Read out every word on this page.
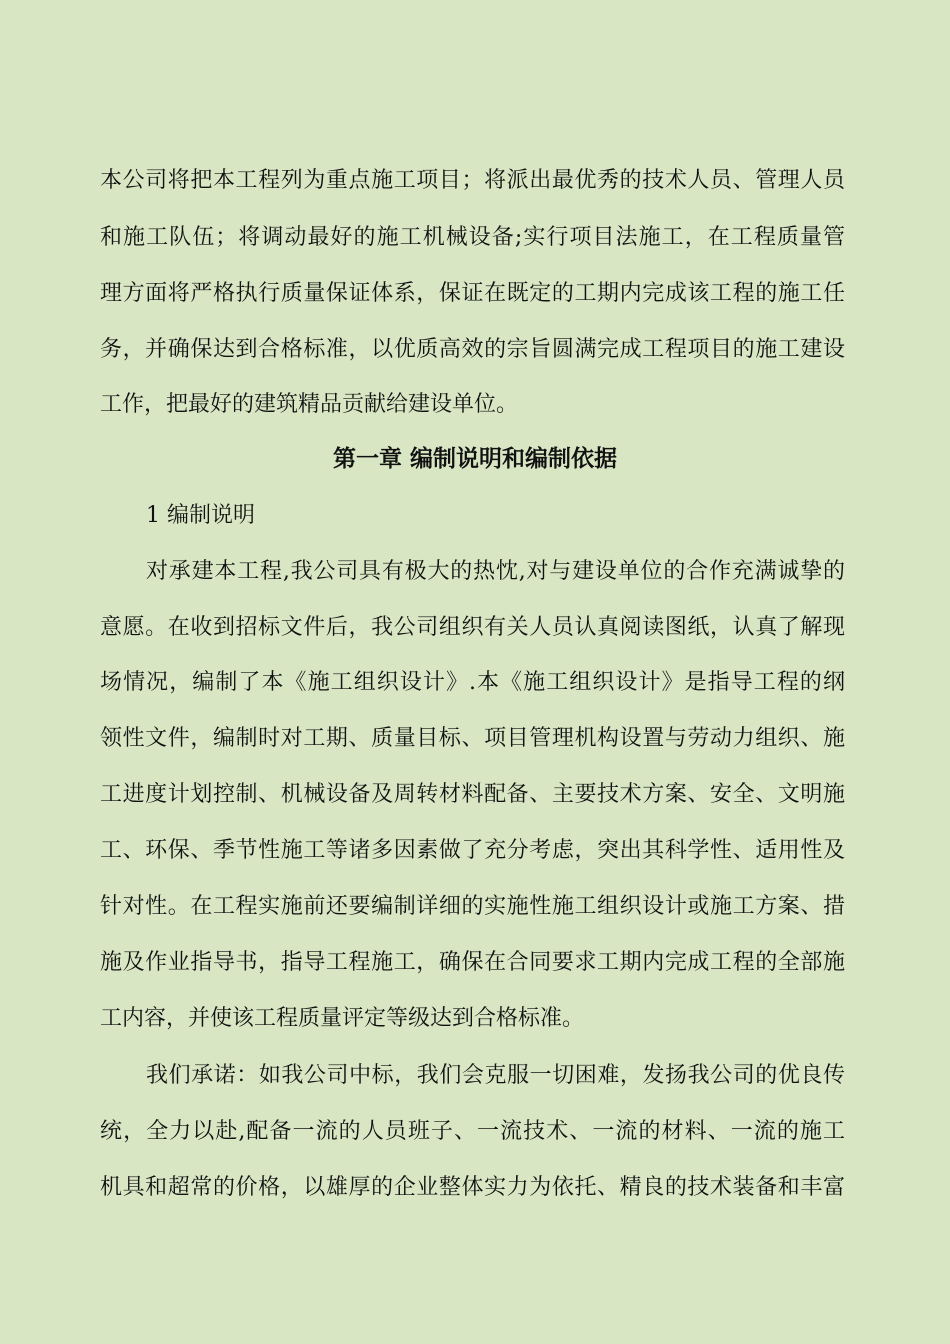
本公司将把本工程列为重点施工项目；将派出最优秀的技术人员、管理人员
和施工队伍；将调动最好的施工机械设备;实行项目法施工，在工程质量管
理方面将严格执行质量保证体系，保证在既定的工期内完成该工程的施工任
务，并确保达到合格标准，以优质高效的宗旨圆满完成工程项目的施工建设
工作，把最好的建筑精品贡献给建设单位。
第一章 编制说明和编制依据
1 编制说明
对承建本工程,我公司具有极大的热忱,对与建设单位的合作充满诚挚的
意愿。在收到招标文件后，我公司组织有关人员认真阅读图纸，认真了解现
场情况，编制了本《施工组织设计》.本《施工组织设计》是指导工程的纲
领性文件，编制时对工期、质量目标、项目管理机构设置与劳动力组织、施
工进度计划控制、机械设备及周转材料配备、主要技术方案、安全、文明施
工、环保、季节性施工等诸多因素做了充分考虑，突出其科学性、适用性及
针对性。在工程实施前还要编制详细的实施性施工组织设计或施工方案、措
施及作业指导书，指导工程施工，确保在合同要求工期内完成工程的全部施
工内容，并使该工程质量评定等级达到合格标准。
我们承诺：如我公司中标，我们会克服一切困难，发扬我公司的优良传
统，全力以赴,配备一流的人员班子、一流技术、一流的材料、一流的施工
机具和超常的价格，以雄厚的企业整体实力为依托、精良的技术装备和丰富
